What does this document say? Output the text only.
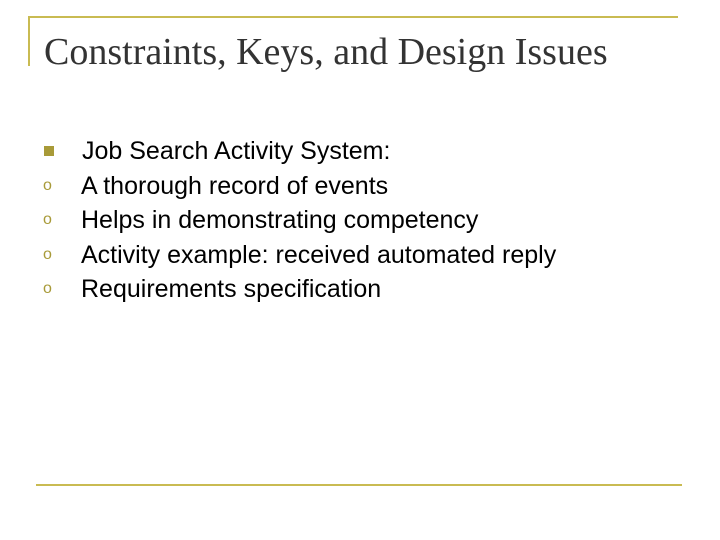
Constraints, Keys, and Design Issues
Job Search Activity System:
o	A thorough record of events
o	Helps in demonstrating competency
o	Activity example: received automated reply
o	Requirements specification
